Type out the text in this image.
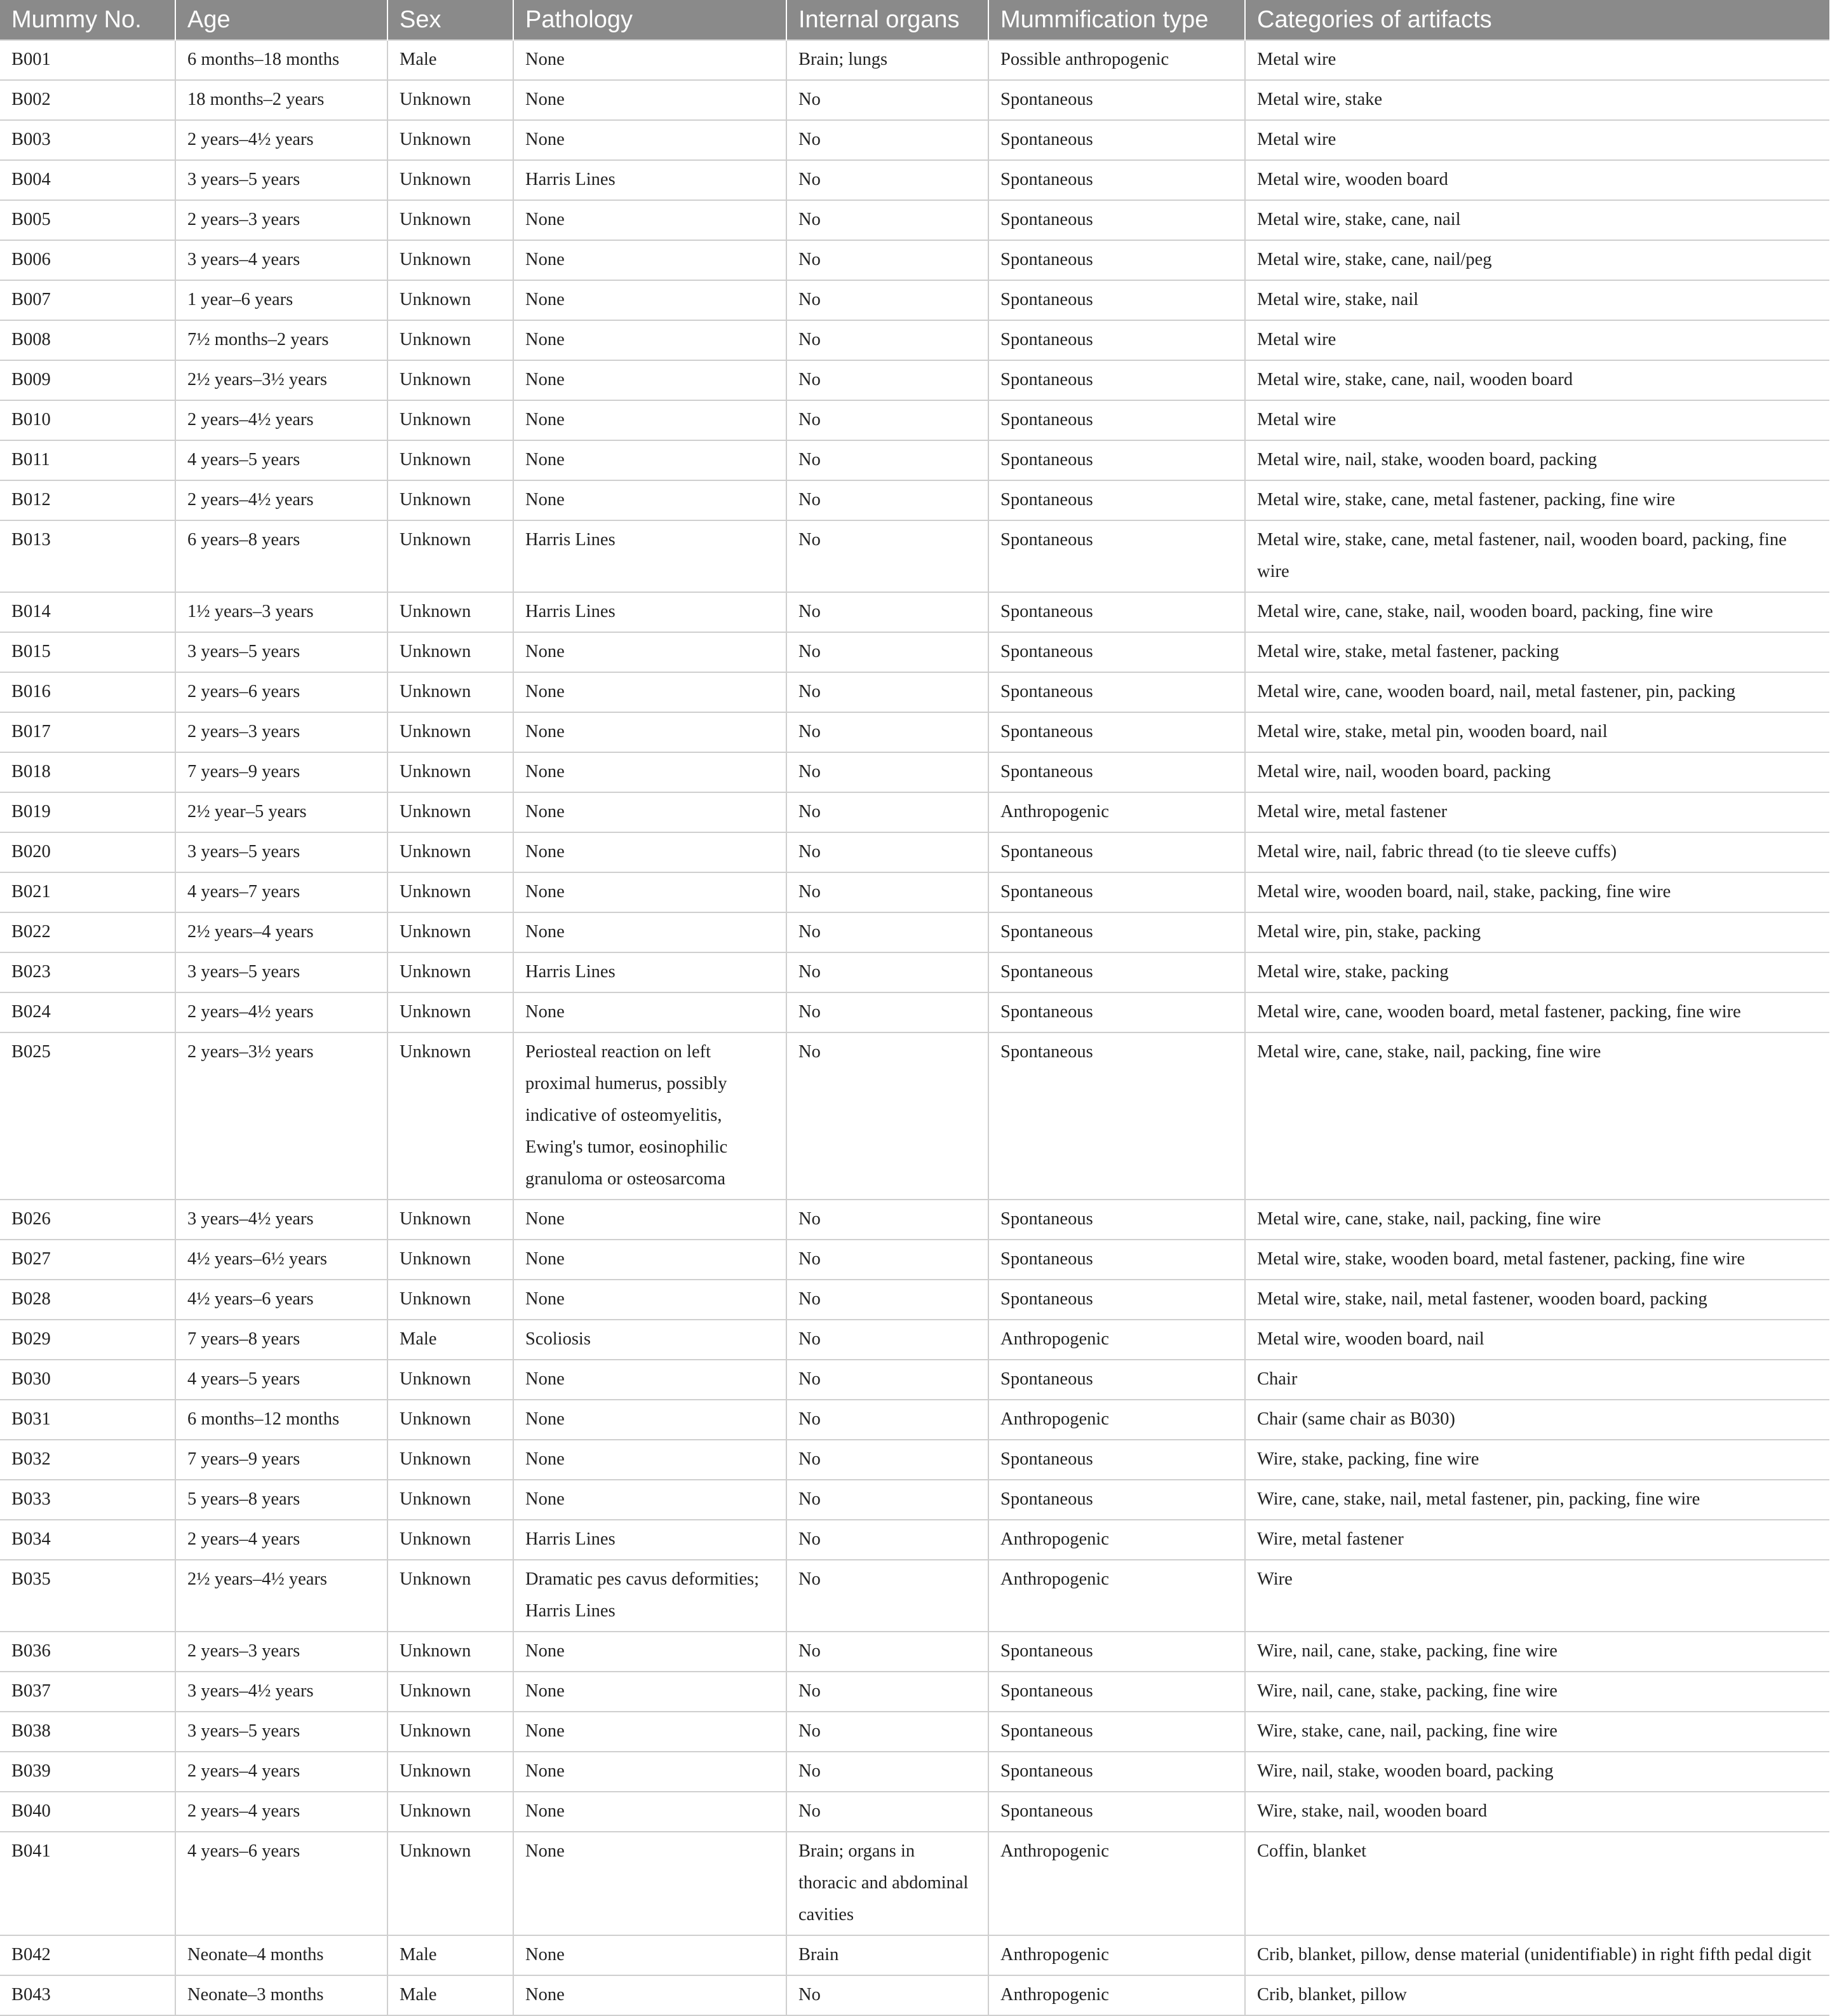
Mummy No.	Age	Sex	Pathology	Internal organs	Mummification type	Categories of artifacts
B001	6 months–18 months	Male	None	Brain; lungs	Possible anthropogenic	Metal wire
B002	18 months–2 years	Unknown	None	No	Spontaneous	Metal wire, stake
B003	2 years–4½ years	Unknown	None	No	Spontaneous	Metal wire
B004	3 years–5 years	Unknown	Harris Lines	No	Spontaneous	Metal wire, wooden board
B005	2 years–3 years	Unknown	None	No	Spontaneous	Metal wire, stake, cane, nail
B006	3 years–4 years	Unknown	None	No	Spontaneous	Metal wire, stake, cane, nail/peg
B007	1 year–6 years	Unknown	None	No	Spontaneous	Metal wire, stake, nail
B008	7½ months–2 years	Unknown	None	No	Spontaneous	Metal wire
B009	2½ years–3½ years	Unknown	None	No	Spontaneous	Metal wire, stake, cane, nail, wooden board
B010	2 years–4½ years	Unknown	None	No	Spontaneous	Metal wire
B011	4 years–5 years	Unknown	None	No	Spontaneous	Metal wire, nail, stake, wooden board, packing
B012	2 years–4½ years	Unknown	None	No	Spontaneous	Metal wire, stake, cane, metal fastener, packing, fine wire
B013	6 years–8 years	Unknown	Harris Lines	No	Spontaneous	Metal wire, stake, cane, metal fastener, nail, wooden board, packing, fine wire
B014	1½ years–3 years	Unknown	Harris Lines	No	Spontaneous	Metal wire, cane, stake, nail, wooden board, packing, fine wire
B015	3 years–5 years	Unknown	None	No	Spontaneous	Metal wire, stake, metal fastener, packing
B016	2 years–6 years	Unknown	None	No	Spontaneous	Metal wire, cane, wooden board, nail, metal fastener, pin, packing
B017	2 years–3 years	Unknown	None	No	Spontaneous	Metal wire, stake, metal pin, wooden board, nail
B018	7 years–9 years	Unknown	None	No	Spontaneous	Metal wire, nail, wooden board, packing
B019	2½ year–5 years	Unknown	None	No	Anthropogenic	Metal wire, metal fastener
B020	3 years–5 years	Unknown	None	No	Spontaneous	Metal wire, nail, fabric thread (to tie sleeve cuffs)
B021	4 years–7 years	Unknown	None	No	Spontaneous	Metal wire, wooden board, nail, stake, packing, fine wire
B022	2½ years–4 years	Unknown	None	No	Spontaneous	Metal wire, pin, stake, packing
B023	3 years–5 years	Unknown	Harris Lines	No	Spontaneous	Metal wire, stake, packing
B024	2 years–4½ years	Unknown	None	No	Spontaneous	Metal wire, cane, wooden board, metal fastener, packing, fine wire
B025	2 years–3½ years	Unknown	Periosteal reaction on left proximal humerus, possibly indicative of osteomyelitis, Ewing's tumor, eosinophilic granuloma or osteosarcoma	No	Spontaneous	Metal wire, cane, stake, nail, packing, fine wire
B026	3 years–4½ years	Unknown	None	No	Spontaneous	Metal wire, cane, stake, nail, packing, fine wire
B027	4½ years–6½ years	Unknown	None	No	Spontaneous	Metal wire, stake, wooden board, metal fastener, packing, fine wire
B028	4½ years–6 years	Unknown	None	No	Spontaneous	Metal wire, stake, nail, metal fastener, wooden board, packing
B029	7 years–8 years	Male	Scoliosis	No	Anthropogenic	Metal wire, wooden board, nail
B030	4 years–5 years	Unknown	None	No	Spontaneous	Chair
B031	6 months–12 months	Unknown	None	No	Anthropogenic	Chair (same chair as B030)
B032	7 years–9 years	Unknown	None	No	Spontaneous	Wire, stake, packing, fine wire
B033	5 years–8 years	Unknown	None	No	Spontaneous	Wire, cane, stake, nail, metal fastener, pin, packing, fine wire
B034	2 years–4 years	Unknown	Harris Lines	No	Anthropogenic	Wire, metal fastener
B035	2½ years–4½ years	Unknown	Dramatic pes cavus deformities; Harris Lines	No	Anthropogenic	Wire
B036	2 years–3 years	Unknown	None	No	Spontaneous	Wire, nail, cane, stake, packing, fine wire
B037	3 years–4½ years	Unknown	None	No	Spontaneous	Wire, nail, cane, stake, packing, fine wire
B038	3 years–5 years	Unknown	None	No	Spontaneous	Wire, stake, cane, nail, packing, fine wire
B039	2 years–4 years	Unknown	None	No	Spontaneous	Wire, nail, stake, wooden board, packing
B040	2 years–4 years	Unknown	None	No	Spontaneous	Wire, stake, nail, wooden board
B041	4 years–6 years	Unknown	None	Brain; organs in thoracic and abdominal cavities	Anthropogenic	Coffin, blanket
B042	Neonate–4 months	Male	None	Brain	Anthropogenic	Crib, blanket, pillow, dense material (unidentifiable) in right fifth pedal digit
B043	Neonate–3 months	Male	None	No	Anthropogenic	Crib, blanket, pillow
